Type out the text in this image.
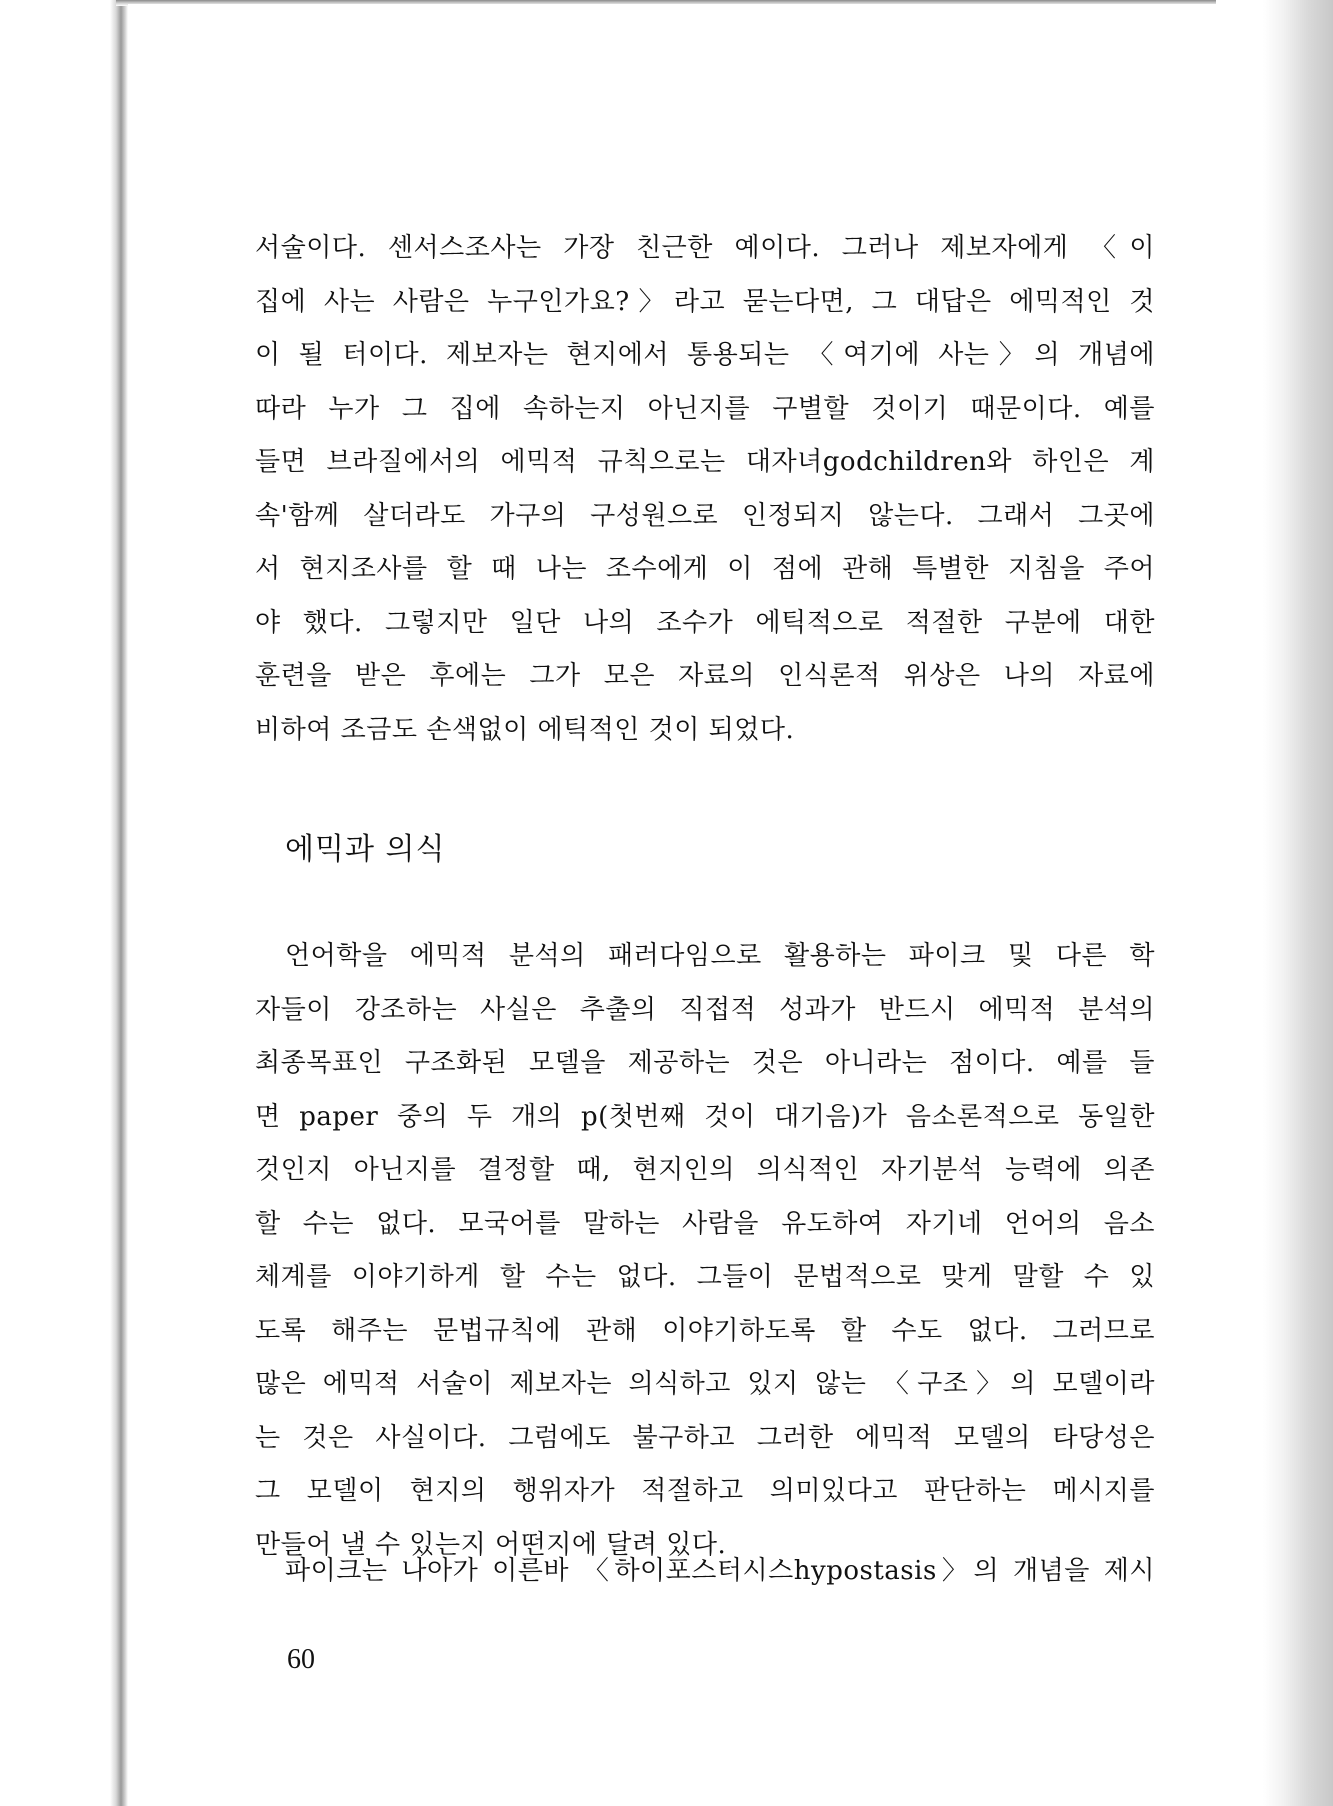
서술이다. 센서스조사는 가장 친근한 예이다. 그러나 제보자에게 〈이
집에 사는 사람은 누구인가요?〉라고 묻는다면, 그 대답은 에믹적인 것
이 될 터이다. 제보자는 현지에서 통용되는 〈여기에 사는〉의 개념에
따라 누가 그 집에 속하는지 아닌지를 구별할 것이기 때문이다. 예를
들면 브라질에서의 에믹적 규칙으로는 대자녀godchildren와 하인은 계
속'함께 살더라도 가구의 구성원으로 인정되지 않는다. 그래서 그곳에
서 현지조사를 할 때 나는 조수에게 이 점에 관해 특별한 지침을 주어
야 했다. 그렇지만 일단 나의 조수가 에틱적으로 적절한 구분에 대한
훈련을 받은 후에는 그가 모은 자료의 인식론적 위상은 나의 자료에
비하여 조금도 손색없이 에틱적인 것이 되었다.
에믹과 의식
언어학을 에믹적 분석의 패러다임으로 활용하는 파이크 및 다른 학
자들이 강조하는 사실은 추출의 직접적 성과가 반드시 에믹적 분석의
최종목표인 구조화된 모델을 제공하는 것은 아니라는 점이다. 예를 들
면 paper 중의 두 개의 p(첫번째 것이 대기음)가 음소론적으로 동일한
것인지 아닌지를 결정할 때, 현지인의 의식적인 자기분석 능력에 의존
할 수는 없다. 모국어를 말하는 사람을 유도하여 자기네 언어의 음소
체계를 이야기하게 할 수는 없다. 그들이 문법적으로 맞게 말할 수 있
도록 해주는 문법규칙에 관해 이야기하도록 할 수도 없다. 그러므로
많은 에믹적 서술이 제보자는 의식하고 있지 않는 〈구조〉의 모델이라
는 것은 사실이다. 그럼에도 불구하고 그러한 에믹적 모델의 타당성은
그 모델이 현지의 행위자가 적절하고 의미있다고 판단하는 메시지를
만들어 낼 수 있는지 어떤지에 달려 있다.
파이크는 나아가 이른바 〈하이포스터시스hypostasis〉의 개념을 제시
60
